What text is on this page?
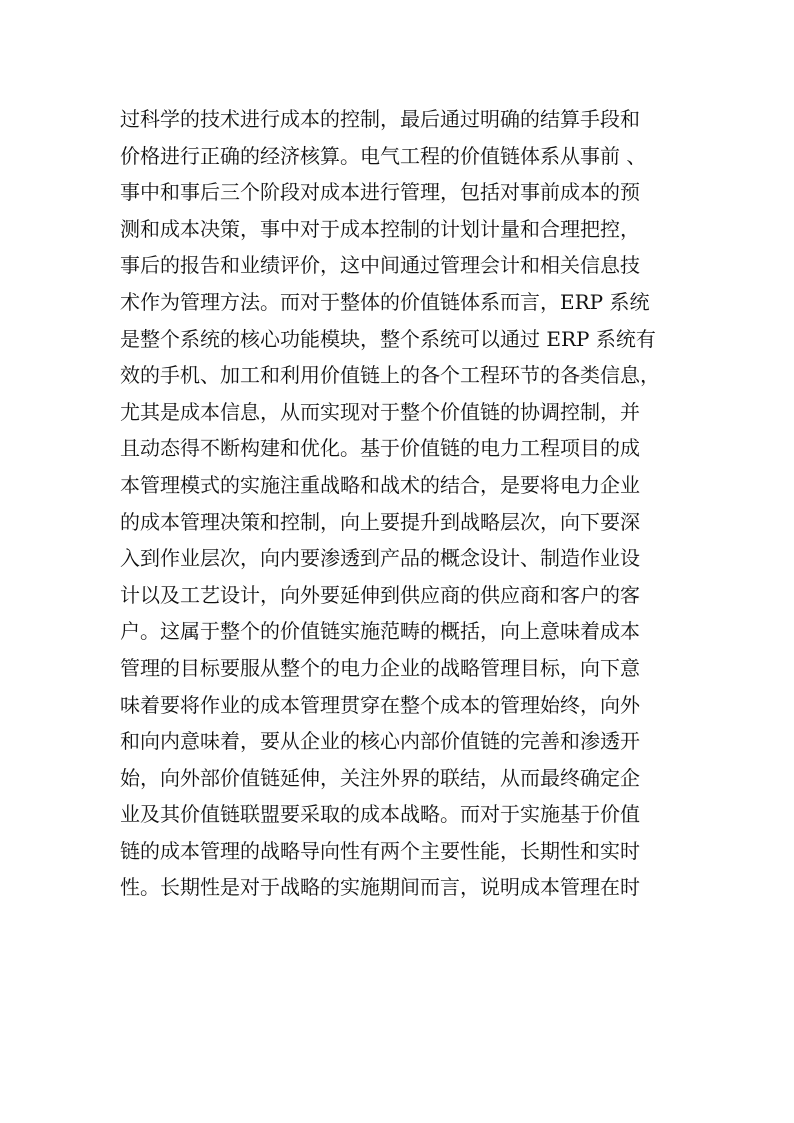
过科学的技术进行成本的控制，最后通过明确的结算手段和
价格进行正确的经济核算。电气工程的价值链体系从事前 、
事中和事后三个阶段对成本进行管理，包括对事前成本的预
测和成本决策，事中对于成本控制的计划计量和合理把控，
事后的报告和业绩评价，这中间通过管理会计和相关信息技
术作为管理方法。而对于整体的价值链体系而言，ERP 系统
是整个系统的核心功能模块，整个系统可以通过 ERP 系统有
效的手机、加工和利用价值链上的各个工程环节的各类信息，
尤其是成本信息，从而实现对于整个价值链的协调控制，并
且动态得不断构建和优化。基于价值链的电力工程项目的成
本管理模式的实施注重战略和战术的结合，是要将电力企业
的成本管理决策和控制，向上要提升到战略层次，向下要深
入到作业层次，向内要渗透到产品的概念设计、制造作业设
计以及工艺设计，向外要延伸到供应商的供应商和客户的客
户。这属于整个的价值链实施范畴的概括，向上意味着成本
管理的目标要服从整个的电力企业的战略管理目标，向下意
味着要将作业的成本管理贯穿在整个成本的管理始终，向外
和向内意味着，要从企业的核心内部价值链的完善和渗透开
始，向外部价值链延伸，关注外界的联结，从而最终确定企
业及其价值链联盟要采取的成本战略。而对于实施基于价值
链的成本管理的战略导向性有两个主要性能，长期性和实时
性。长期性是对于战略的实施期间而言，说明成本管理在时
